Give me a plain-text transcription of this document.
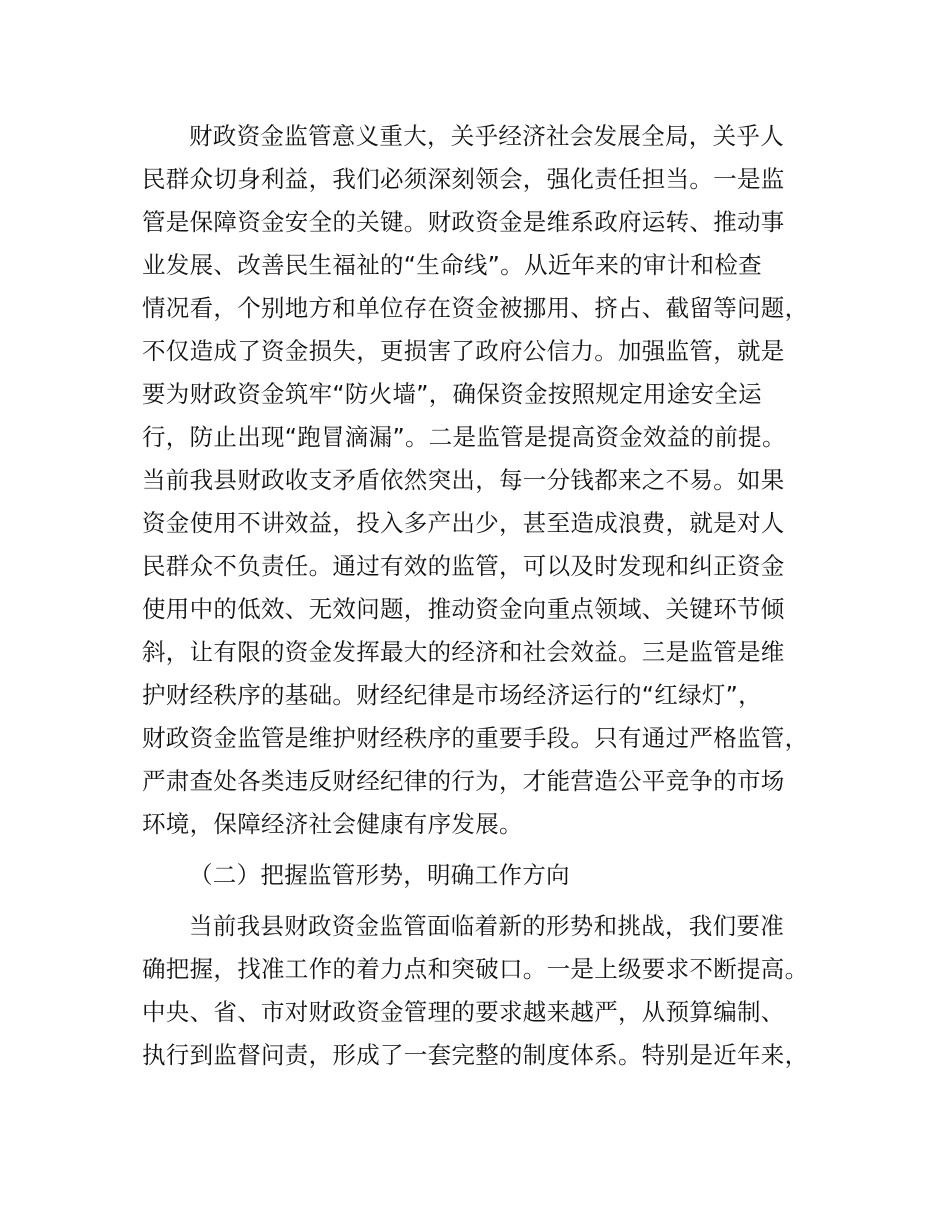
财政资金监管意义重大，关乎经济社会发展全局，关乎人
民群众切身利益，我们必须深刻领会，强化责任担当。一是监
管是保障资金安全的关键。财政资金是维系政府运转、推动事
业发展、改善民生福祉的“生命线”。从近年来的审计和检查
情况看，个别地方和单位存在资金被挪用、挤占、截留等问题，
不仅造成了资金损失，更损害了政府公信力。加强监管，就是
要为财政资金筑牢“防火墙”，确保资金按照规定用途安全运
行，防止出现“跑冒滴漏”。二是监管是提高资金效益的前提。
当前我县财政收支矛盾依然突出，每一分钱都来之不易。如果
资金使用不讲效益，投入多产出少，甚至造成浪费，就是对人
民群众不负责任。通过有效的监管，可以及时发现和纠正资金
使用中的低效、无效问题，推动资金向重点领域、关键环节倾
斜，让有限的资金发挥最大的经济和社会效益。三是监管是维
护财经秩序的基础。财经纪律是市场经济运行的“红绿灯”，
财政资金监管是维护财经秩序的重要手段。只有通过严格监管，
严肃查处各类违反财经纪律的行为，才能营造公平竞争的市场
环境，保障经济社会健康有序发展。
（二）把握监管形势，明确工作方向
当前我县财政资金监管面临着新的形势和挑战，我们要准
确把握，找准工作的着力点和突破口。一是上级要求不断提高。
中央、省、市对财政资金管理的要求越来越严，从预算编制、
执行到监督问责，形成了一套完整的制度体系。特别是近年来，
